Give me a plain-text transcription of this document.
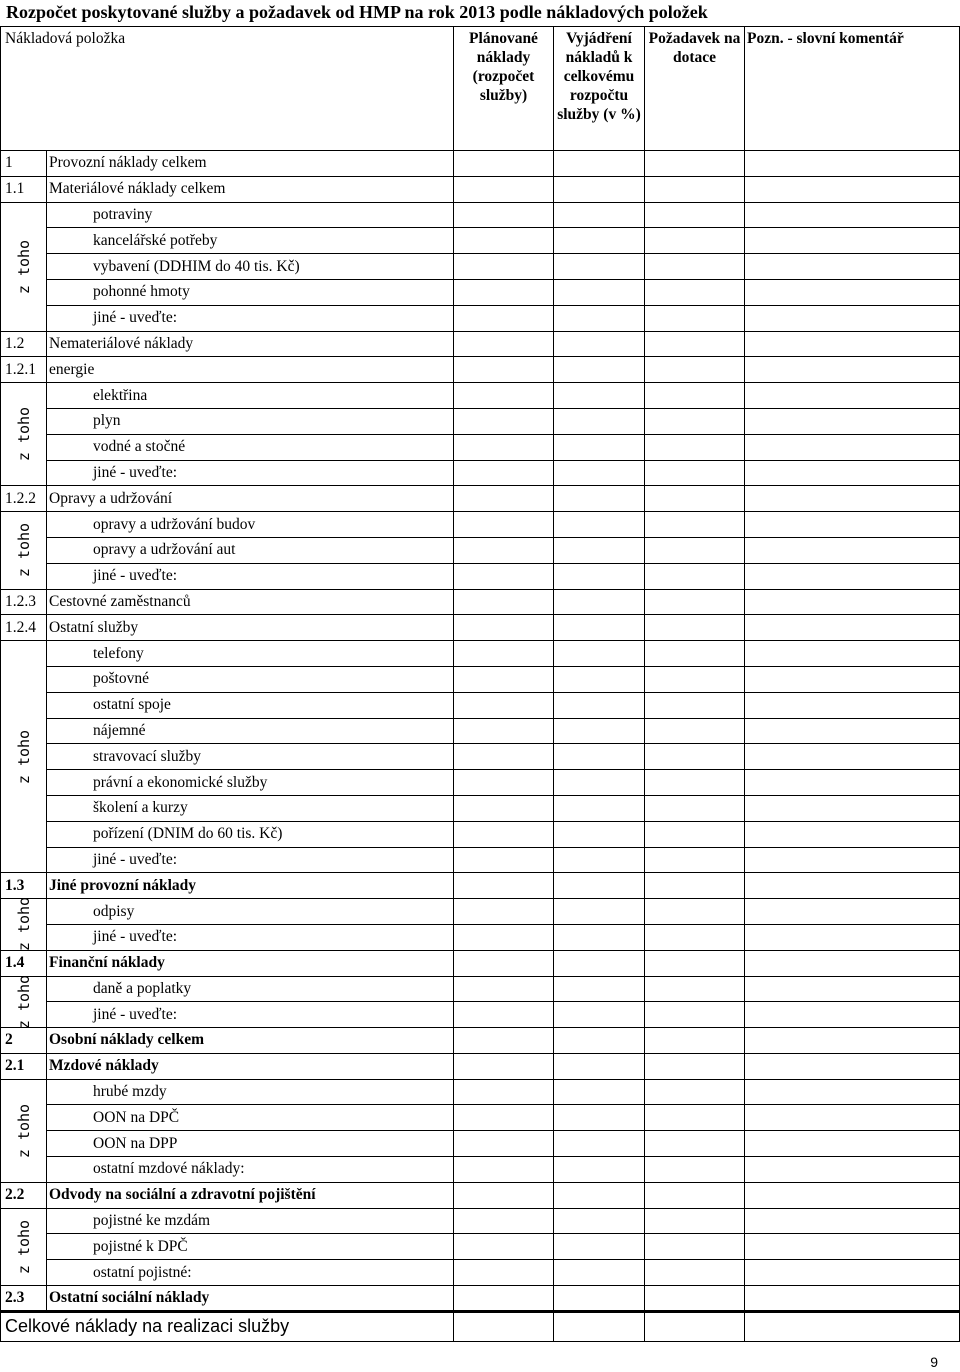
Rozpočet poskytované služby a požadavek od HMP na rok 2013 podle nákladových položek
Nákladová položka		Plánované náklady (rozpočet služby)	Vyjádření nákladů k celkovému rozpočtu služby (v %)	Požadavek na dotace	Pozn. - slovní komentář
1	Provozní náklady celkem				
1.1	Materiálové náklady celkem				

z toho	potraviny				
	kancelářské potřeby				
	vybavení (DDHIM do 40 tis. Kč)				
	pohonné hmoty				
	jiné - uveďte:				
1.2	Nemateriálové náklady				
1.2.1	energie				

z toho	elektřina				
	plyn				
	vodné a stočné				
	jiné - uveďte:				
1.2.2	Opravy a udržování				

z toho	opravy a udržování budov				
	opravy a udržování aut				
	jiné - uveďte:				
1.2.3	Cestovné zaměstnanců				
1.2.4	Ostatní služby				

z toho	telefony				
	poštovné				
	ostatní spoje				
	nájemné				
	stravovací služby				
	právní a ekonomické služby				
	školení a kurzy				
	pořízení (DNIM do 60 tis. Kč)				
	jiné - uveďte:				
1.3	Jiné provozní náklady				

z toho	odpisy				
	jiné - uveďte:				
1.4	Finanční náklady				

z toho	daně a poplatky				
	jiné - uveďte:				
2	Osobní náklady celkem				
2.1	Mzdové náklady				

z toho	hrubé mzdy				
	OON na DPČ				
	OON na DPP				
	ostatní mzdové náklady:				
2.2	Odvody na sociální a zdravotní pojištění				

z toho	pojistné ke mzdám				
	pojistné k DPČ				
	ostatní pojistné:				
2.3	Ostatní sociální náklady				
Celkové náklady na realizaci služby					
9
